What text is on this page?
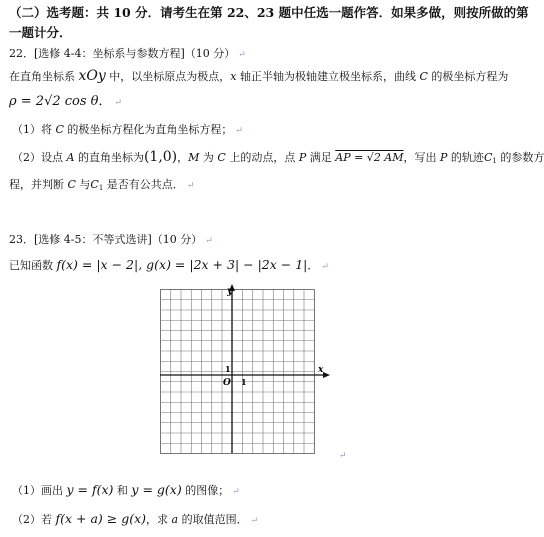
（二）选考题：共 10 分．请考生在第 22、23 题中任选一题作答．如果多做，则按所做的第
一题计分．
22．[选修 4-4：坐标系与参数方程]（10 分） ↵
在直角坐标系 xOy 中，以坐标原点为极点，x 轴正半轴为极轴建立极坐标系，曲线 C 的极坐标方程为
ρ = 2√2 cos θ． ↵
（1）将 C 的极坐标方程化为直角坐标方程； ↵
（2）设点 A 的直角坐标为(1,0)，M 为 C 上的动点，点 P 满足 AP = √2 AM，写出 P 的轨迹$C_1$ 的参数方
程，并判断 C 与$C_1$ 是否有公共点． ↵
23．[选修 4-5：不等式选讲]（10 分） ↵
已知函数 f(x) = |x − 2|, g(x) = |2x + 3| − |2x − 1|． ↵
y
x
O 1
1
↵
（1）画出 y = f(x) 和 y = g(x) 的图像； ↵
（2）若 f(x + a) ≥ g(x)，求 a 的取值范围． ↵
